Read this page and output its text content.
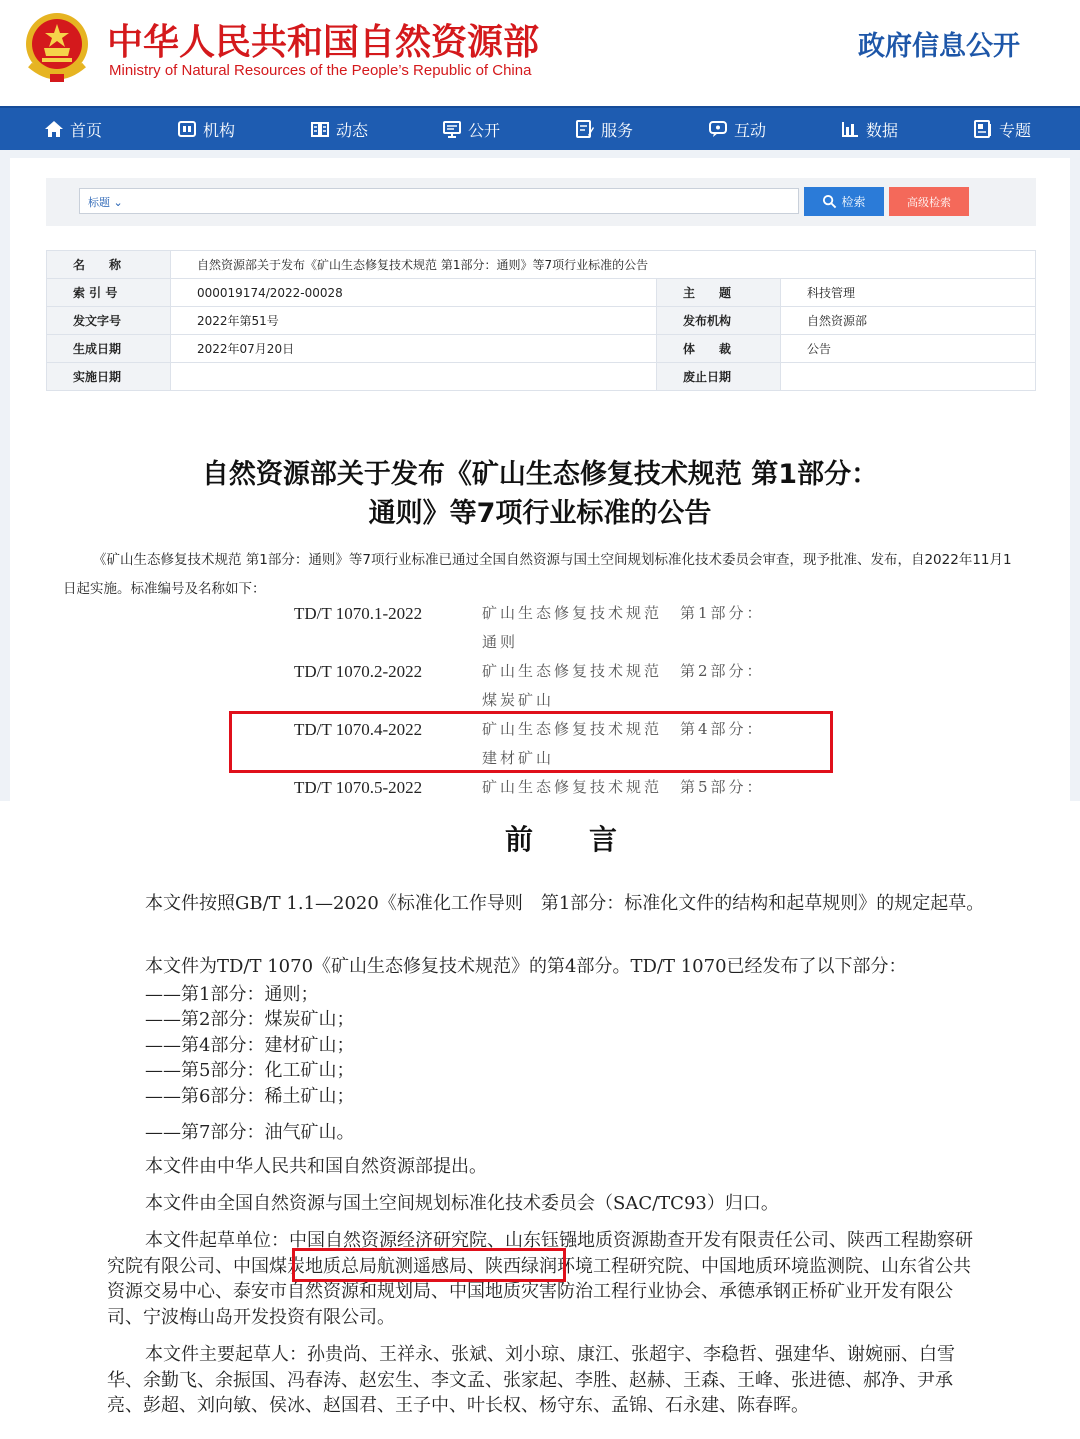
中华人民共和国自然资源部
Ministry of Natural Resources of the People’s Republic of China
政府信息公开
首页	机构	动态	公开	服务	互动	数据	专题
标题 ⌄	检索	高级检索
名　　称	自然资源部关于发布《矿山生态修复技术规范 第1部分：通则》等7项行业标准的公告		
索 引 号	000019174/2022-00028	主　　题	科技管理
发文字号	2022年第51号	发布机构	自然资源部
生成日期	2022年07月20日	体　　裁	公告
实施日期		废止日期	
自然资源部关于发布《矿山生态修复技术规范 第1部分：
通则》等7项行业标准的公告
《矿山生态修复技术规范 第1部分：通则》等7项行业标准已通过全国自然资源与国土空间规划标准化技术委员会审查，现予批准、发布，自2022年11月1日起实施。标准编号及名称如下：
TD/T 1070.1-2022	矿山生态修复技术规范　第1部分：通则
TD/T 1070.2-2022	矿山生态修复技术规范　第2部分：煤炭矿山
TD/T 1070.4-2022	矿山生态修复技术规范　第4部分：建材矿山
TD/T 1070.5-2022	矿山生态修复技术规范　第5部分：
前言
本文件按照GB/T 1.1—2020《标准化工作导则　第1部分：标准化文件的结构和起草规则》的规定起草。
本文件为TD/T 1070《矿山生态修复技术规范》的第4部分。TD/T 1070已经发布了以下部分：
——第1部分：通则；
——第2部分：煤炭矿山；
——第4部分：建材矿山；
——第5部分：化工矿山；
——第6部分：稀土矿山；
——第7部分：油气矿山。
本文件由中华人民共和国自然资源部提出。
本文件由全国自然资源与国土空间规划标准化技术委员会（SAC/TC93）归口。
本文件起草单位：中国自然资源经济研究院、山东钰镪地质资源勘查开发有限责任公司、陕西工程勘察研究院有限公司、中国煤炭地质总局航测遥感局、陕西绿润环境工程研究院、中国地质环境监测院、山东省公共资源交易中心、泰安市自然资源和规划局、中国地质灾害防治工程行业协会、承德承钢正桥矿业开发有限公司、宁波梅山岛开发投资有限公司。
本文件主要起草人：孙贵尚、王祥永、张斌、刘小琼、康江、张超宇、李稳哲、强建华、谢婉丽、白雪华、余勤飞、余振国、冯春涛、赵宏生、李文孟、张家起、李胜、赵赫、王森、王峰、张进德、郝净、尹承亮、彭超、刘向敏、侯冰、赵国君、王子中、叶长权、杨守东、孟锦、石永建、陈春晖。
